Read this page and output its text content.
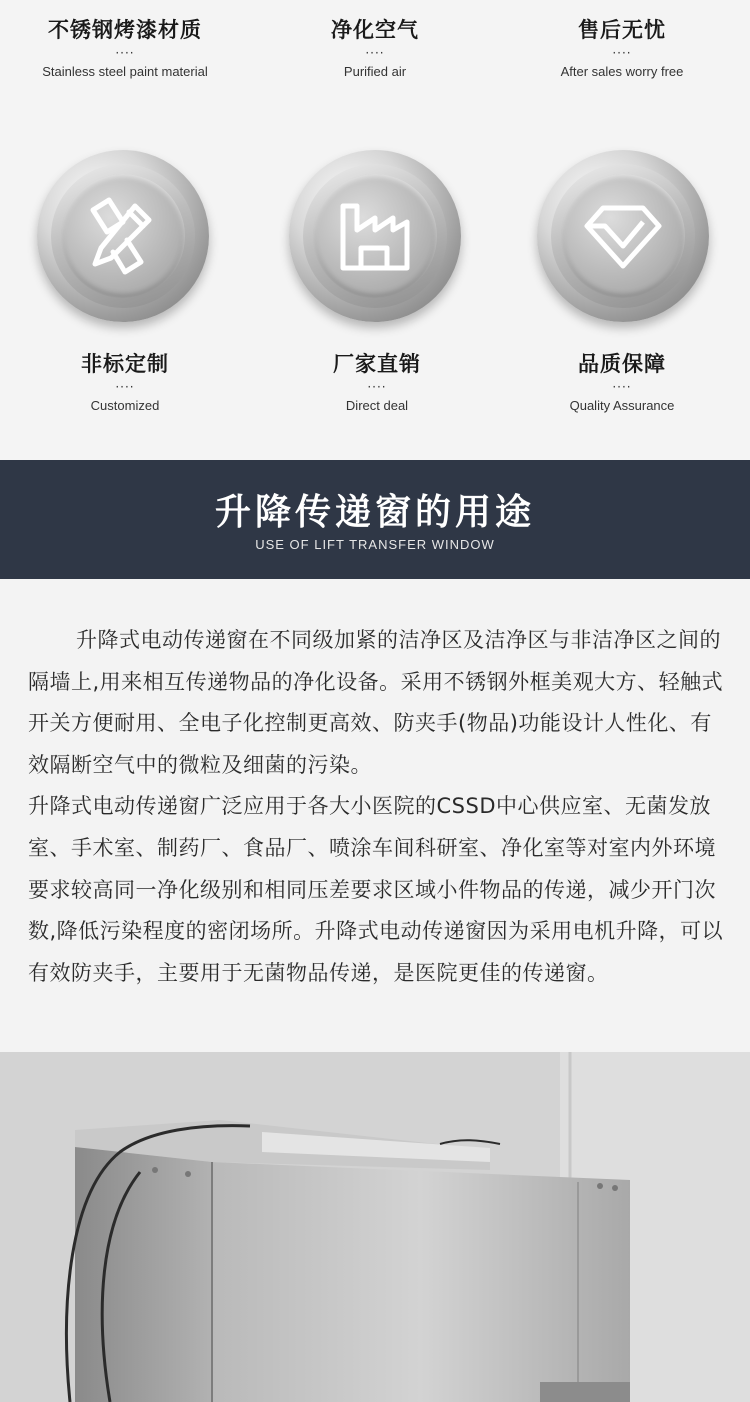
不锈钢烤漆材质
····
Stainless steel paint material
净化空气
····
Purified air
售后无忧
····
After sales worry free
非标定制
····
Customized
厂家直销
····
Direct deal
品质保障
····
Quality Assurance
升降传递窗的用途
USE OF LIFT TRANSFER WINDOW

升降式电动传递窗在不同级加紧的洁净区及洁净区与非洁净区之间的隔墙上,用来相互传递物品的净化设备。采用不锈钢外框美观大方、轻触式开关方便耐用、全电子化控制更高效、防夹手(物品)功能设计人性化、有效隔断空气中的微粒及细菌的污染。

升降式电动传递窗广泛应用于各大小医院的CSSD中心供应室、无菌发放室、手术室、制药厂、食品厂、喷涂车间科研室、净化室等对室内外环境要求较高同一净化级别和相同压差要求区域小件物品的传递，减少开门次数,降低污染程度的密闭场所。升降式电动传递窗因为采用电机升降，可以有效防夹手，主要用于无菌物品传递，是医院更佳的传递窗。
